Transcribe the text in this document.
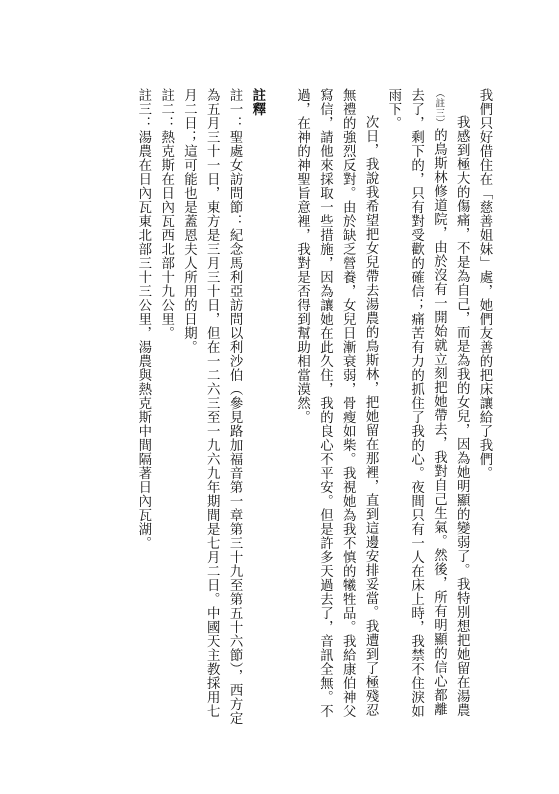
我們只好借住在「慈善姐妹」處，她們友善的把床讓給了我們。

我感到極大的傷痛，不是為自己，而是為我的女兒，因為她明顯的變弱了。我特別想把她留在湯農（註三）的鳥斯林修道院，由於沒有一開始就立刻把她帶去，我對自己生氣。然後，所有明顯的信心都離去了，剩下的，只有對受歡的確信；痛苦有力的抓住了我的心。夜間只有一人在床上時，我禁不住淚如雨下。

次日，我說我希望把女兒帶去湯農的鳥斯林，把她留在那裡，直到這邊安排妥當。我遭到了極殘忍無禮的強烈反對。由於缺乏營養，女兒日漸衰弱，骨瘦如柴。我視她為我不慎的犧牲品。我給康伯神父寫信，請他來採取一些措施，因為讓她在此久住，我的良心不平安。但是許多天過去了，音訊全無。不過，在神的神聖旨意裡，我對是否得到幫助相當漠然。

註釋

註一：聖處女訪問節：紀念馬利亞訪問以利沙伯（參見路加福音第一章第三十九至第五十六節），西方定為五月三十一日，東方是三月三十日，但在一二六三至一九六九年期間是七月二日。中國天主教採用七月二日；這可能也是蓋恩夫人所用的日期。

註二：熱克斯在日內瓦西北部十九公里。

註三：湯農在日內瓦東北部三十三公里，湯農與熱克斯中間隔著日內瓦湖。
